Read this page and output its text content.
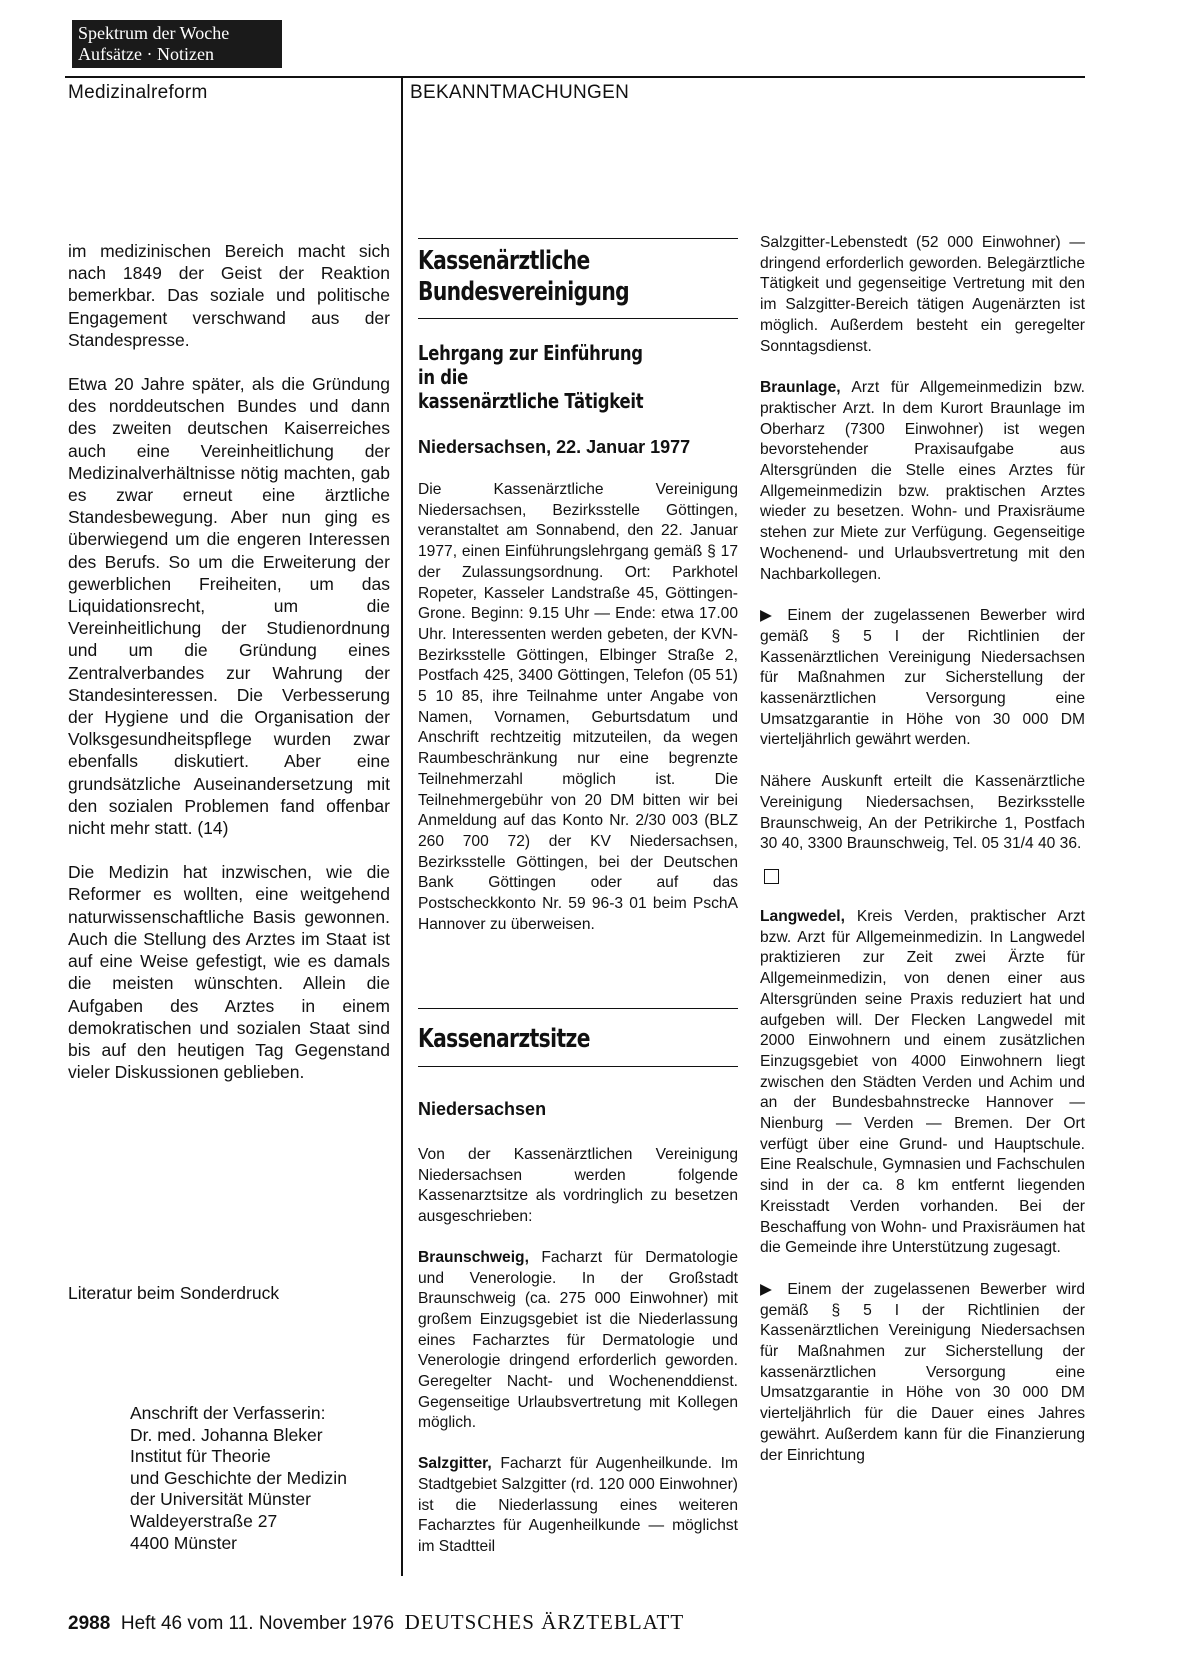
Spektrum der Woche
Aufsätze · Notizen
Medizinalreform	BEKANNTMACHUNGEN

im medizinischen Bereich macht sich nach 1849 der Geist der Reaktion bemerkbar. Das soziale und politische Engagement verschwand aus der Standespresse.

Etwa 20 Jahre später, als die Gründung des norddeutschen Bundes und dann des zweiten deutschen Kaiserreiches auch eine Vereinheitlichung der Medizinalverhältnisse nötig machten, gab es zwar erneut eine ärztliche Standesbewegung. Aber nun ging es überwiegend um die engeren Interessen des Berufs. So um die Erweiterung der gewerblichen Freiheiten, um das Liquidationsrecht, um die Vereinheitlichung der Studienordnung und um die Gründung eines Zentralverbandes zur Wahrung der Standesinteressen. Die Verbesserung der Hygiene und die Organisation der Volksgesundheitspflege wurden zwar ebenfalls diskutiert. Aber eine grundsätzliche Auseinandersetzung mit den sozialen Problemen fand offenbar nicht mehr statt. (14)

Die Medizin hat inzwischen, wie die Reformer es wollten, eine weitgehend naturwissenschaftliche Basis gewonnen. Auch die Stellung des Arztes im Staat ist auf eine Weise gefestigt, wie es damals die meisten wünschten. Allein die Aufgaben des Arztes in einem demokratischen und sozialen Staat sind bis auf den heutigen Tag Gegenstand vieler Diskussionen geblieben.

Literatur beim Sonderdruck
Anschrift der Verfasserin:
Dr. med. Johanna Bleker
Institut für Theorie
und Geschichte der Medizin
der Universität Münster
Waldeyerstraße 27
4400 Münster
Kassenärztliche
Bundesvereinigung
Lehrgang zur Einführung
in die
kassenärztliche Tätigkeit
Niedersachsen, 22. Januar 1977

Die Kassenärztliche Vereinigung Niedersachsen, Bezirksstelle Göttingen, veranstaltet am Sonnabend, den 22. Januar 1977, einen Einführungslehrgang gemäß § 17 der Zulassungsordnung. Ort: Parkhotel Ropeter, Kasseler Landstraße 45, Göttingen-Grone. Beginn: 9.15 Uhr — Ende: etwa 17.00 Uhr. Interessenten werden gebeten, der KVN-Bezirksstelle Göttingen, Elbinger Straße 2, Postfach 425, 3400 Göttingen, Telefon (05 51) 5 10 85, ihre Teilnahme unter Angabe von Namen, Vornamen, Geburtsdatum und Anschrift rechtzeitig mitzuteilen, da wegen Raumbeschränkung nur eine begrenzte Teilnehmerzahl möglich ist. Die Teilnehmergebühr von 20 DM bitten wir bei Anmeldung auf das Konto Nr. 2/30 003 (BLZ 260 700 72) der KV Niedersachsen, Bezirksstelle Göttingen, bei der Deutschen Bank Göttingen oder auf das Postscheckkonto Nr. 59 96-3 01 beim PschA Hannover zu überweisen.

Kassenarztsitze
Niedersachsen

Von der Kassenärztlichen Vereinigung Niedersachsen werden folgende Kassenarztsitze als vordringlich zu besetzen ausgeschrieben:

Braunschweig, Facharzt für Dermatologie und Venerologie. In der Großstadt Braunschweig (ca. 275 000 Einwohner) mit großem Einzugsgebiet ist die Niederlassung eines Facharztes für Dermatologie und Venerologie dringend erforderlich geworden. Geregelter Nacht- und Wochenenddienst. Gegenseitige Urlaubsvertretung mit Kollegen möglich.

Salzgitter, Facharzt für Augenheilkunde. Im Stadtgebiet Salzgitter (rd. 120 000 Einwohner) ist die Niederlassung eines weiteren Facharztes für Augenheilkunde — möglichst im Stadtteil

Salzgitter-Lebenstedt (52 000 Einwohner) — dringend erforderlich geworden. Belegärztliche Tätigkeit und gegenseitige Vertretung mit den im Salzgitter-Bereich tätigen Augenärzten ist möglich. Außerdem besteht ein geregelter Sonntagsdienst.

Braunlage, Arzt für Allgemeinmedizin bzw. praktischer Arzt. In dem Kurort Braunlage im Oberharz (7300 Einwohner) ist wegen bevorstehender Praxisaufgabe aus Altersgründen die Stelle eines Arztes für Allgemeinmedizin bzw. praktischen Arztes wieder zu besetzen. Wohn- und Praxisräume stehen zur Miete zur Verfügung. Gegenseitige Wochenend- und Urlaubsvertretung mit den Nachbarkollegen.

▶ Einem der zugelassenen Bewerber wird gemäß § 5 I der Richtlinien der Kassenärztlichen Vereinigung Niedersachsen für Maßnahmen zur Sicherstellung der kassenärztlichen Versorgung eine Umsatzgarantie in Höhe von 30 000 DM vierteljährlich gewährt werden.

Nähere Auskunft erteilt die Kassenärztliche Vereinigung Niedersachsen, Bezirksstelle Braunschweig, An der Petrikirche 1, Postfach 30 40, 3300 Braunschweig, Tel. 05 31/4 40 36.

Langwedel, Kreis Verden, praktischer Arzt bzw. Arzt für Allgemeinmedizin. In Langwedel praktizieren zur Zeit zwei Ärzte für Allgemeinmedizin, von denen einer aus Altersgründen seine Praxis reduziert hat und aufgeben will. Der Flecken Langwedel mit 2000 Einwohnern und einem zusätzlichen Einzugsgebiet von 4000 Einwohnern liegt zwischen den Städten Verden und Achim und an der Bundesbahnstrecke Hannover — Nienburg — Verden — Bremen. Der Ort verfügt über eine Grund- und Hauptschule. Eine Realschule, Gymnasien und Fachschulen sind in der ca. 8 km entfernt liegenden Kreisstadt Verden vorhanden. Bei der Beschaffung von Wohn- und Praxisräumen hat die Gemeinde ihre Unterstützung zugesagt.

▶ Einem der zugelassenen Bewerber wird gemäß § 5 I der Richtlinien der Kassenärztlichen Vereinigung Niedersachsen für Maßnahmen zur Sicherstellung der kassenärztlichen Versorgung eine Umsatzgarantie in Höhe von 30 000 DM vierteljährlich für die Dauer eines Jahres gewährt. Außerdem kann für die Finanzierung der Einrichtung

2988 Heft 46 vom 11. November 1976 DEUTSCHES ÄRZTEBLATT
